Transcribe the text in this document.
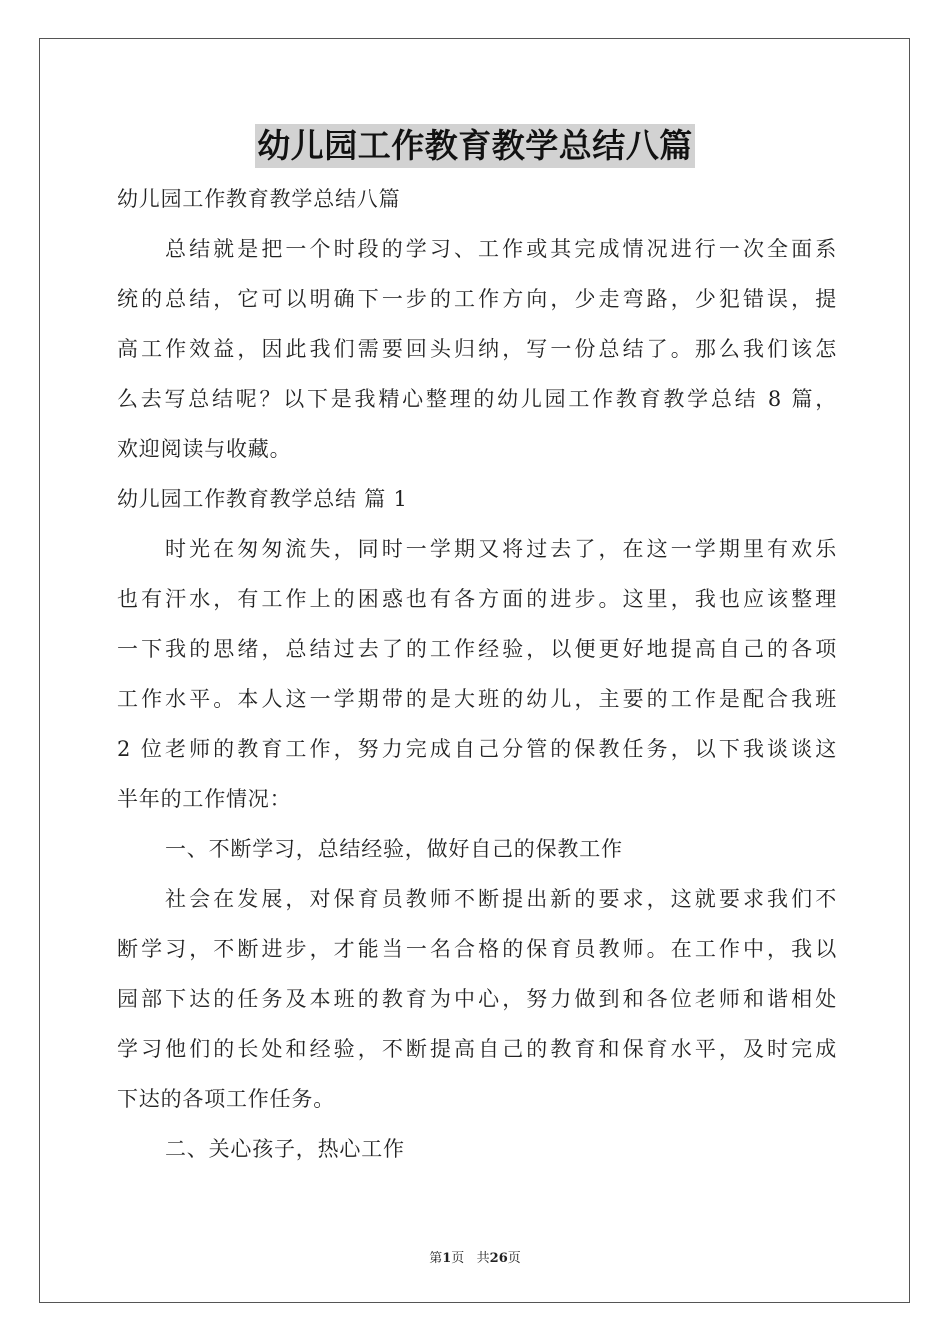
幼儿园工作教育教学总结八篇
幼儿园工作教育教学总结八篇
总结就是把一个时段的学习、工作或其完成情况进行一次全面系
统的总结，它可以明确下一步的工作方向，少走弯路，少犯错误，提
高工作效益，因此我们需要回头归纳，写一份总结了。那么我们该怎
么去写总结呢？以下是我精心整理的幼儿园工作教育教学总结 8 篇，
欢迎阅读与收藏。
幼儿园工作教育教学总结 篇 1
时光在匆匆流失，同时一学期又将过去了，在这一学期里有欢乐
也有汗水，有工作上的困惑也有各方面的进步。这里，我也应该整理
一下我的思绪，总结过去了的工作经验，以便更好地提高自己的各项
工作水平。本人这一学期带的是大班的幼儿，主要的工作是配合我班
2 位老师的教育工作，努力完成自己分管的保教任务，以下我谈谈这
半年的工作情况：
一、不断学习，总结经验，做好自己的保教工作
社会在发展，对保育员教师不断提出新的要求，这就要求我们不
断学习，不断进步，才能当一名合格的保育员教师。在工作中，我以
园部下达的任务及本班的教育为中心，努力做到和各位老师和谐相处
学习他们的长处和经验，不断提高自己的教育和保育水平，及时完成
下达的各项工作任务。
二、关心孩子，热心工作
第1页   共26页
